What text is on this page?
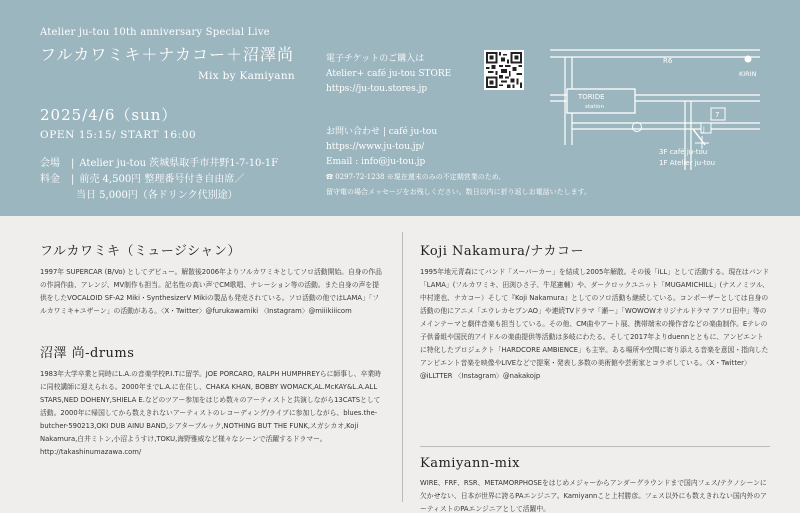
Atelier ju-tou 10th anniversary Special Live
フルカワミキ＋ナカコー＋沼澤尚
Mix by Kamiyann
2025/4/6（sun）
OPEN 15:15/ START 16:00
会場 | Atelier ju-tou 茨城県取手市井野1-7-10-1F
料金 | 前売 4,500円 整理番号付き自由席／
当日 5,000円（各ドリンク代別途）
電子チケットのご購入は
Atelier+ café ju-tou STORE
https://ju-tou.stores.jp
お問い合わせ | café ju-tou
https://www.ju-tou.jp/
Email : info@ju-tou.jp
☎ 0297-72-1238 ※現在週末のみの不定期営業のため、
留守電の場合メッセージをお残しください。数日以内に折り返しお電話いたします。
R6
KIRIN
TORIDE
station
7
J
3F café ju-tou
1F Atelier ju-tou
フルカワミキ（ミュージシャン）
1997年 SUPERCAR (B/Vo) としてデビュー。解散後2006年よりフルカワミキとしてソロ活動開始。自身の作品の作詞作曲、アレンジ、MV制作も担当。記名性の高い声でCM歌唱、ナレーション等の活動。また自身の声を提供をしたVOCALOID SF-A2 Miki・SynthesizerV Mikiの製品も発売されている。ソロ活動の他ではLAMA」「フルカワミキ+ユザーン」の活動がある。〈X・Twitter〉@furukawamiki 〈Instagram〉@miiikiiicom
沼澤 尚-drums
1983年大学卒業と同時にL.A.の音楽学校P.I.Tに留学。JOE PORCARO, RALPH HUMPHREYらに師事し、卒業時に同校講師に迎えられる。2000年までL.A.に在住し、CHAKA KHAN, BOBBY WOMACK,AL.McKAY&L.A.ALL STARS,NED DOHENY,SHIELA E.などのツアー参加をはじめ数々のアーティストと共演しながら13CATSとして活動。2000年に帰国してから数えきれないアーティストのレコーディング/ライブに参加しながら、blues.the-butcher-590213,OKI DUB AINU BAND,シアターブルック,NOTHING BUT THE FUNK,スガシカオ,Koji Nakamura,白井ミトン,小沼ようすけ,TOKU,海野雅威など様々なシーンで活躍するドラマー。 http://takashinumazawa.com/
Koji Nakamura/ナカコー
1995年地元青森にてバンド「スーパーカー」を結成し2005年解散。その後「iLL」として活動する。現在はバンド「LAMA」(フルカワミキ、田渕ひさ子、牛尾憲輔）や、ダークロックユニット「MUGAMICHILL」(ナスノミツル、中村達也、ナカコー）そして『Koji Nakamura』としてのソロ活動も継続している。コンポーザーとしては自身の活動の他にアニメ「エウレカセブンAO」や連続TVドラマ「瀬ー」「WOWOWオリジナルドラマ アフロ田中」等のメインテーマと劇伴音楽も担当している。その他、CM曲やアート展、携帯端末の操作音などの楽曲制作。Eテレの子供番組や国民的アイドルの楽曲提供等活動は多岐にわたる。そして2017年よりduennとともに、アンビエントに特化したプロジェクト「HARDCORE AMBIENCE」も主宰。ある場所や空間に寄り添える音楽を意図・指向したアンビエント音楽を映像やLIVEなどで提案・発表し多数の美術館や芸術家とコラボしている。〈X・Twitter〉@iLLTTER 〈Instagram〉@nakakojp
Kamiyann-mix
WIRE、FRF、RSR、METAMORPHOSEをはじめメジャーからアンダーグラウンドまで国内フェス/テクノシーンに欠かせない、日本が世界に誇るPAエンジニア。Kamiyannこと上村勝彦。フェス以外にも数えきれない国内外のアーティストのPAエンジニアとして活躍中。
